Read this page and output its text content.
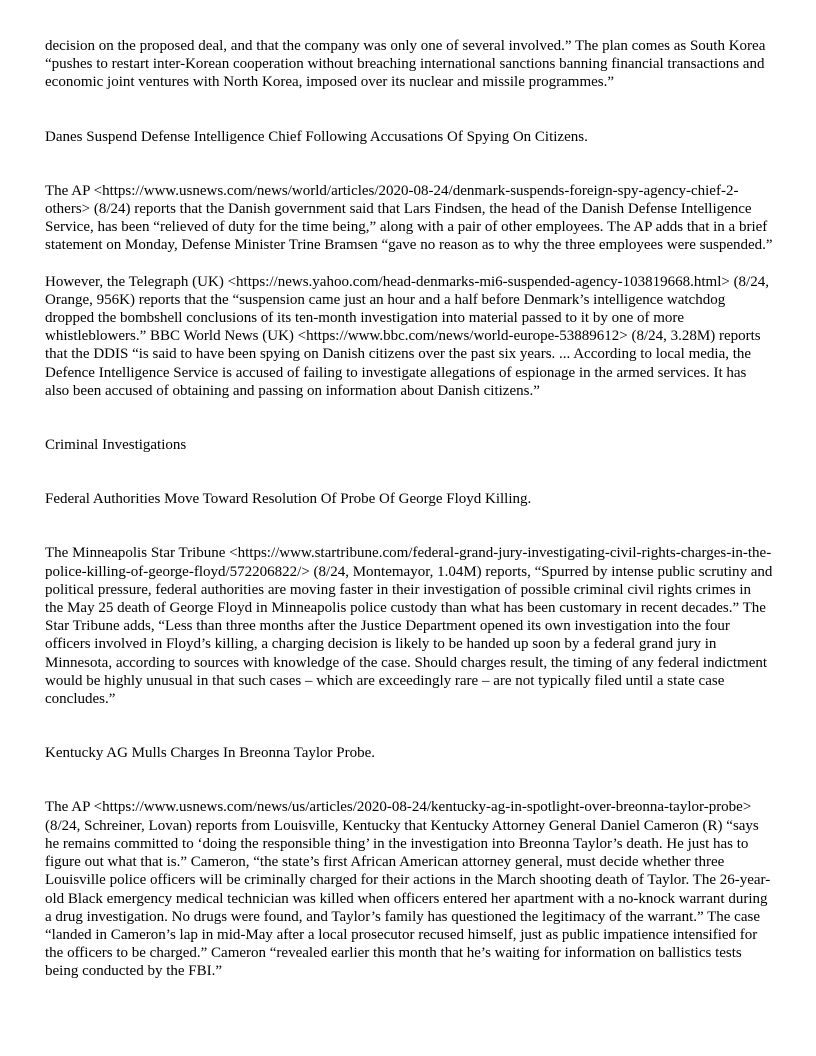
decision on the proposed deal, and that the company was only one of several involved.” The plan comes as South Korea “pushes to restart inter-Korean cooperation without breaching international sanctions banning financial transactions and economic joint ventures with North Korea, imposed over its nuclear and missile programmes.”

Danes Suspend Defense Intelligence Chief Following Accusations Of Spying On Citizens.

The AP <https://www.usnews.com/news/world/articles/2020-08-24/denmark-suspends-foreign-spy-agency-chief-2-others> (8/24) reports that the Danish government said that Lars Findsen, the head of the Danish Defense Intelligence Service, has been “relieved of duty for the time being,” along with a pair of other employees. The AP adds that in a brief statement on Monday, Defense Minister Trine Bramsen “gave no reason as to why the three employees were suspended.”

However, the Telegraph (UK) <https://news.yahoo.com/head-denmarks-mi6-suspended-agency-103819668.html> (8/24, Orange, 956K) reports that the “suspension came just an hour and a half before Denmark’s intelligence watchdog dropped the bombshell conclusions of its ten-month investigation into material passed to it by one of more whistleblowers.” BBC World News (UK) <https://www.bbc.com/news/world-europe-53889612> (8/24, 3.28M) reports that the DDIS “is said to have been spying on Danish citizens over the past six years. ... According to local media, the Defence Intelligence Service is accused of failing to investigate allegations of espionage in the armed services. It has also been accused of obtaining and passing on information about Danish citizens.”

Criminal Investigations

Federal Authorities Move Toward Resolution Of Probe Of George Floyd Killing.

The Minneapolis Star Tribune <https://www.startribune.com/federal-grand-jury-investigating-civil-rights-charges-in-the-police-killing-of-george-floyd/572206822/> (8/24, Montemayor, 1.04M) reports, “Spurred by intense public scrutiny and political pressure, federal authorities are moving faster in their investigation of possible criminal civil rights crimes in the May 25 death of George Floyd in Minneapolis police custody than what has been customary in recent decades.” The Star Tribune adds, “Less than three months after the Justice Department opened its own investigation into the four officers involved in Floyd’s killing, a charging decision is likely to be handed up soon by a federal grand jury in Minnesota, according to sources with knowledge of the case. Should charges result, the timing of any federal indictment would be highly unusual in that such cases – which are exceedingly rare – are not typically filed until a state case concludes.”

Kentucky AG Mulls Charges In Breonna Taylor Probe.

The AP <https://www.usnews.com/news/us/articles/2020-08-24/kentucky-ag-in-spotlight-over-breonna-taylor-probe> (8/24, Schreiner, Lovan) reports from Louisville, Kentucky that Kentucky Attorney General Daniel Cameron (R) “says he remains committed to ‘doing the responsible thing’ in the investigation into Breonna Taylor’s death. He just has to figure out what that is.” Cameron, “the state’s first African American attorney general, must decide whether three Louisville police officers will be criminally charged for their actions in the March shooting death of Taylor. The 26-year-old Black emergency medical technician was killed when officers entered her apartment with a no-knock warrant during a drug investigation. No drugs were found, and Taylor’s family has questioned the legitimacy of the warrant.” The case “landed in Cameron’s lap in mid-May after a local prosecutor recused himself, just as public impatience intensified for the officers to be charged.” Cameron “revealed earlier this month that he’s waiting for information on ballistics tests being conducted by the FBI.”
